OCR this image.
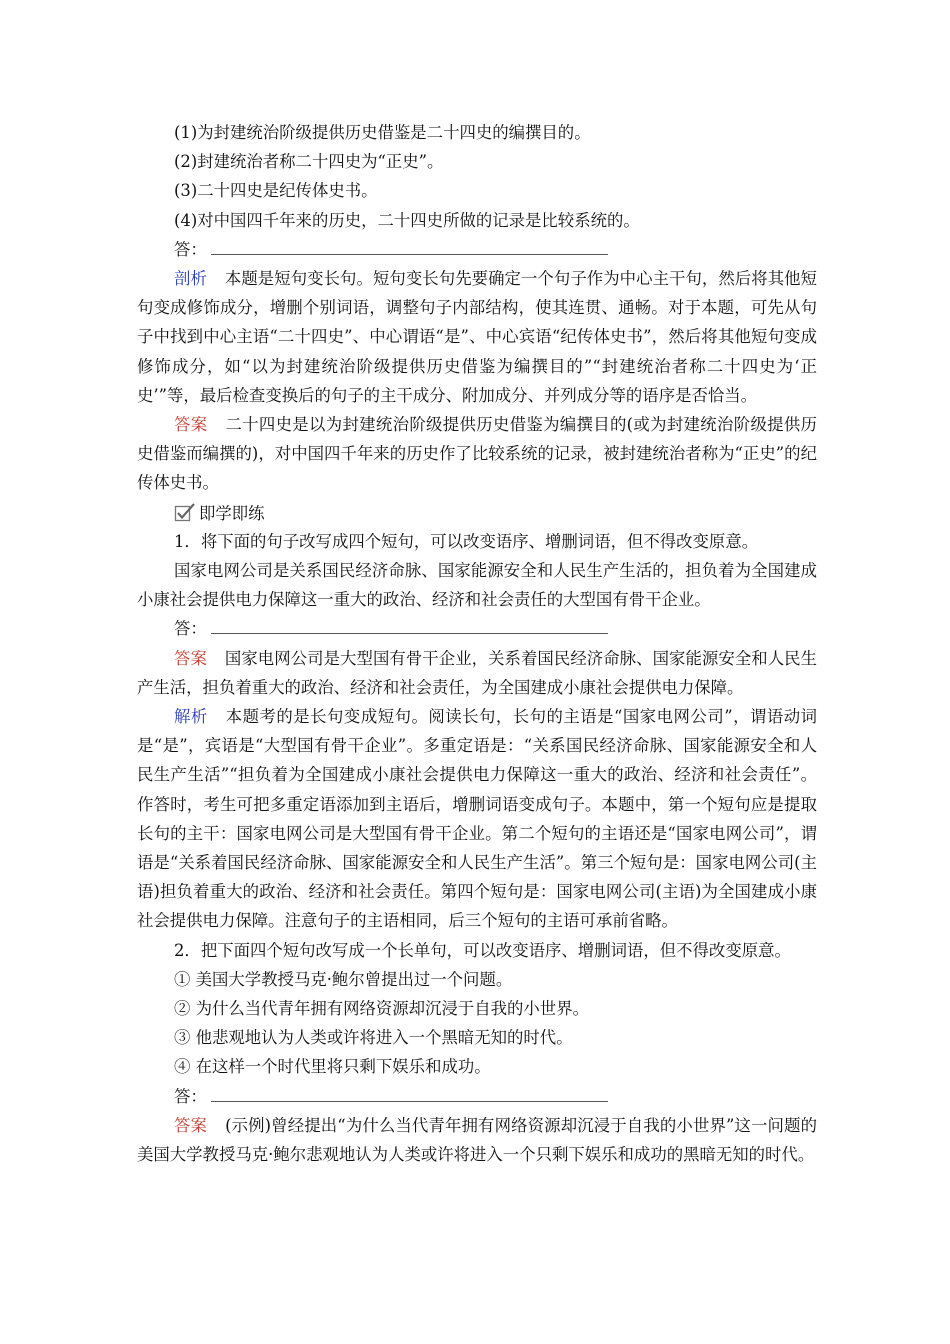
(1)为封建统治阶级提供历史借鉴是二十四史的编撰目的。

(2)封建统治者称二十四史为“正史”。

(3)二十四史是纪传体史书。

(4)对中国四千年来的历史，二十四史所做的记录是比较系统的。

答：

剖析 本题是短句变长句。短句变长句先要确定一个句子作为中心主干句，然后将其他短句变成修饰成分，增删个别词语，调整句子内部结构，使其连贯、通畅。对于本题，可先从句子中找到中心主语“二十四史”、中心谓语“是”、中心宾语“纪传体史书”，然后将其他短句变成修饰成分，如“以为封建统治阶级提供历史借鉴为编撰目的”“封建统治者称二十四史为‘正史’”等，最后检查变换后的句子的主干成分、附加成分、并列成分等的语序是否恰当。

答案 二十四史是以为封建统治阶级提供历史借鉴为编撰目的(或为封建统治阶级提供历史借鉴而编撰的)，对中国四千年来的历史作了比较系统的记录，被封建统治者称为“正史”的纪传体史书。

即学即练

1．将下面的句子改写成四个短句，可以改变语序、增删词语，但不得改变原意。

国家电网公司是关系国民经济命脉、国家能源安全和人民生产生活的，担负着为全国建成小康社会提供电力保障这一重大的政治、经济和社会责任的大型国有骨干企业。

答：

答案 国家电网公司是大型国有骨干企业，关系着国民经济命脉、国家能源安全和人民生产生活，担负着重大的政治、经济和社会责任，为全国建成小康社会提供电力保障。

解析 本题考的是长句变成短句。阅读长句，长句的主语是“国家电网公司”，谓语动词是“是”，宾语是“大型国有骨干企业”。多重定语是：“关系国民经济命脉、国家能源安全和人民生产生活”“担负着为全国建成小康社会提供电力保障这一重大的政治、经济和社会责任”。作答时，考生可把多重定语添加到主语后，增删词语变成句子。本题中，第一个短句应是提取长句的主干：国家电网公司是大型国有骨干企业。第二个短句的主语还是“国家电网公司”，谓语是“关系着国民经济命脉、国家能源安全和人民生产生活”。第三个短句是：国家电网公司(主语)担负着重大的政治、经济和社会责任。第四个短句是：国家电网公司(主语)为全国建成小康社会提供电力保障。注意句子的主语相同，后三个短句的主语可承前省略。

2．把下面四个短句改写成一个长单句，可以改变语序、增删词语，但不得改变原意。

① 美国大学教授马克·鲍尔曾提出过一个问题。

② 为什么当代青年拥有网络资源却沉浸于自我的小世界。

③ 他悲观地认为人类或许将进入一个黑暗无知的时代。

④ 在这样一个时代里将只剩下娱乐和成功。

答：

答案 (示例)曾经提出“为什么当代青年拥有网络资源却沉浸于自我的小世界”这一问题的美国大学教授马克·鲍尔悲观地认为人类或许将进入一个只剩下娱乐和成功的黑暗无知的时代。
